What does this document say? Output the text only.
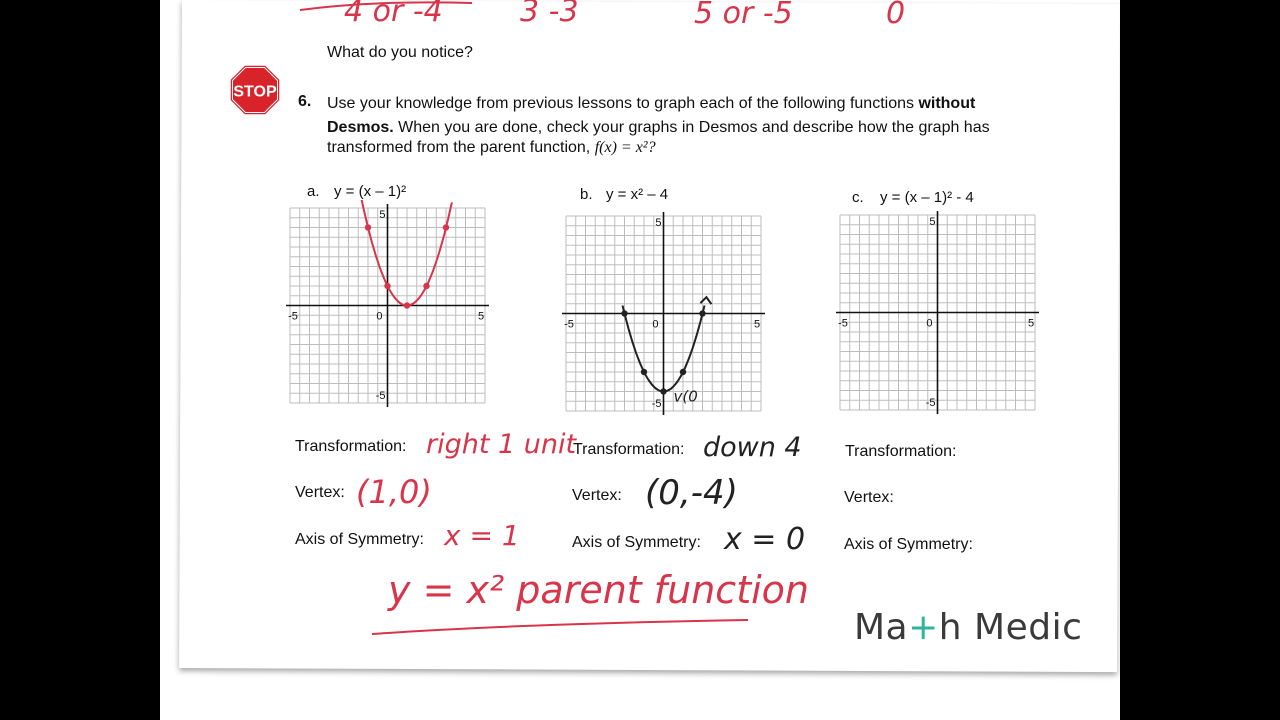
4 or -4	3 -3	5 or -5	0
What do you notice?
STOP
6. Use your knowledge from previous lessons to graph each of the following functions without
Desmos. When you are done, check your graphs in Desmos and describe how the graph has
transformed from the parent function, f(x) = x²?
a. y = (x – 1)²
-5	5
0
5
-5
b. y = x² – 4
-5	5
0
5
-5 v(0
c. y = (x – 1)² - 4
-5	5
0
5
-5
Transformation: right 1 unit
Vertex: (1,0)
Axis of Symmetry: x = 1
Transformation: down 4
Vertex: (0,-4)
Axis of Symmetry: x = 0
Transformation:
Vertex:
Axis of Symmetry:
y = x² parent function
Ma+h Medic
